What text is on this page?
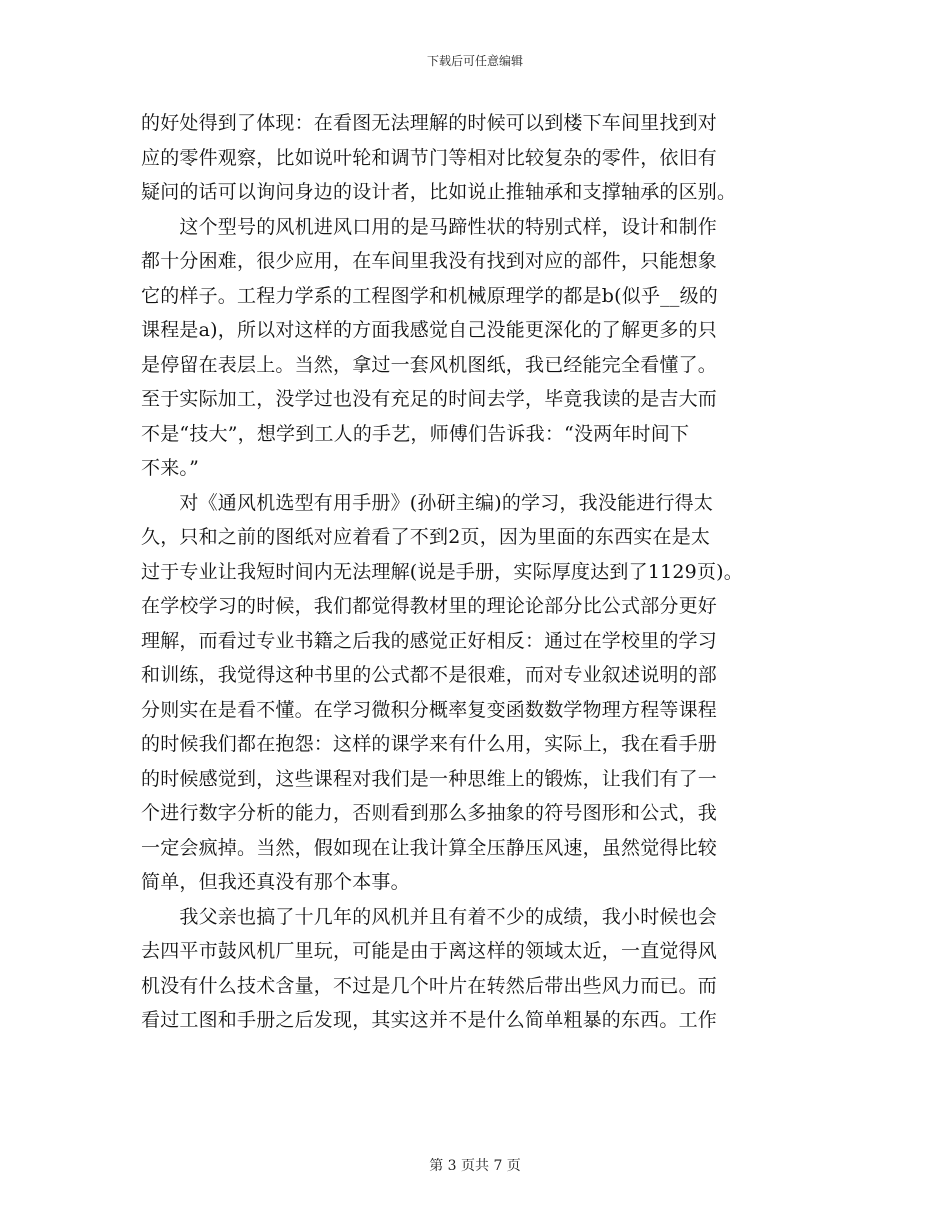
下载后可任意编辑
的好处得到了体现：在看图无法理解的时候可以到楼下车间里找到对
应的零件观察，比如说叶轮和调节门等相对比较复杂的零件，依旧有
疑问的话可以询问身边的设计者，比如说止推轴承和支撑轴承的区别。
　　这个型号的风机进风口用的是马蹄性状的特别式样，设计和制作
都十分困难，很少应用，在车间里我没有找到对应的部件，只能想象
它的样子。工程力学系的工程图学和机械原理学的都是b(似乎__级的
课程是a)，所以对这样的方面我感觉自己没能更深化的了解更多的只
是停留在表层上。当然，拿过一套风机图纸，我已经能完全看懂了。
至于实际加工，没学过也没有充足的时间去学，毕竟我读的是吉大而
不是“技大”，想学到工人的手艺，师傅们告诉我：“没两年时间下
不来。”
　　对《通风机选型有用手册》(孙研主编)的学习，我没能进行得太
久，只和之前的图纸对应着看了不到2页，因为里面的东西实在是太
过于专业让我短时间内无法理解(说是手册，实际厚度达到了1129页)。
在学校学习的时候，我们都觉得教材里的理论论部分比公式部分更好
理解，而看过专业书籍之后我的感觉正好相反：通过在学校里的学习
和训练，我觉得这种书里的公式都不是很难，而对专业叙述说明的部
分则实在是看不懂。在学习微积分概率复变函数数学物理方程等课程
的时候我们都在抱怨：这样的课学来有什么用，实际上，我在看手册
的时候感觉到，这些课程对我们是一种思维上的锻炼，让我们有了一
个进行数字分析的能力，否则看到那么多抽象的符号图形和公式，我
一定会疯掉。当然，假如现在让我计算全压静压风速，虽然觉得比较
简单，但我还真没有那个本事。
　　我父亲也搞了十几年的风机并且有着不少的成绩，我小时候也会
去四平市鼓风机厂里玩，可能是由于离这样的领域太近，一直觉得风
机没有什么技术含量，不过是几个叶片在转然后带出些风力而已。而
看过工图和手册之后发现，其实这并不是什么简单粗暴的东西。工作
第 3 页共 7 页
